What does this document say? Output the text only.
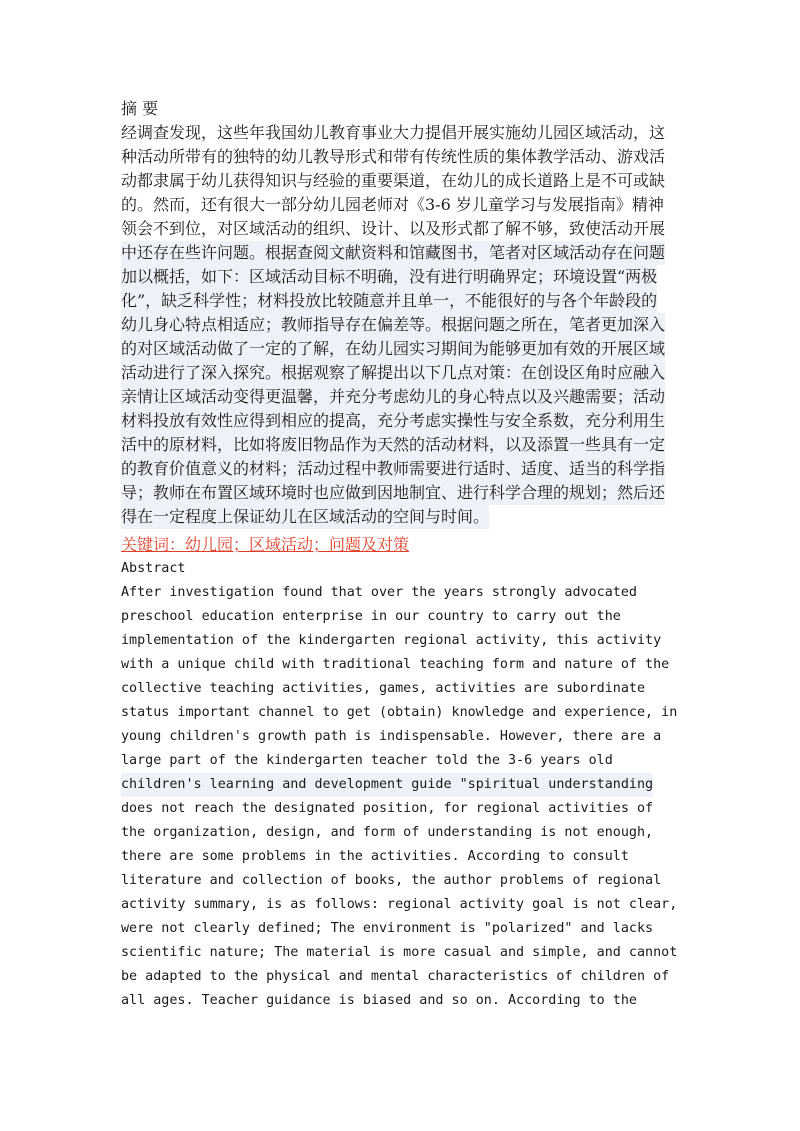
摘 要
经调查发现，这些年我国幼儿教育事业大力提倡开展实施幼儿园区域活动，这
种活动所带有的独特的幼儿教导形式和带有传统性质的集体教学活动、游戏活
动都隶属于幼儿获得知识与经验的重要渠道，在幼儿的成长道路上是不可或缺
的。然而，还有很大一部分幼儿园老师对《3-6 岁儿童学习与发展指南》精神
领会不到位，对区域活动的组织、设计、以及形式都了解不够，致使活动开展
中还存在些许问题。根据查阅文献资料和馆藏图书，笔者对区域活动存在问题
加以概括，如下：区域活动目标不明确，没有进行明确界定；环境设置“两极
化”，缺乏科学性；材料投放比较随意并且单一，不能很好的与各个年龄段的
幼儿身心特点相适应；教师指导存在偏差等。根据问题之所在，笔者更加深入
的对区域活动做了一定的了解，在幼儿园实习期间为能够更加有效的开展区域
活动进行了深入探究。根据观察了解提出以下几点对策：在创设区角时应融入
亲情让区域活动变得更温馨，并充分考虑幼儿的身心特点以及兴趣需要；活动
材料投放有效性应得到相应的提高，充分考虑实操性与安全系数，充分利用生
活中的原材料，比如将废旧物品作为天然的活动材料，以及添置一些具有一定
的教育价值意义的材料；活动过程中教师需要进行适时、适度、适当的科学指
导；教师在布置区域环境时也应做到因地制宜、进行科学合理的规划；然后还
得在一定程度上保证幼儿在区域活动的空间与时间。
关键词：幼儿园；区域活动；问题及对策
Abstract
After investigation found that over the years strongly advocated
preschool education enterprise in our country to carry out the
implementation of the kindergarten regional activity, this activity
with a unique child with traditional teaching form and nature of the
collective teaching activities, games, activities are subordinate
status important channel to get (obtain) knowledge and experience, in
young children's growth path is indispensable. However, there are a
large part of the kindergarten teacher told the 3-6 years old
children's learning and development guide "spiritual understanding
does not reach the designated position, for regional activities of
the organization, design, and form of understanding is not enough,
there are some problems in the activities. According to consult
literature and collection of books, the author problems of regional
activity summary, is as follows: regional activity goal is not clear,
were not clearly defined; The environment is "polarized" and lacks
scientific nature; The material is more casual and simple, and cannot
be adapted to the physical and mental characteristics of children of
all ages. Teacher guidance is biased and so on. According to the
